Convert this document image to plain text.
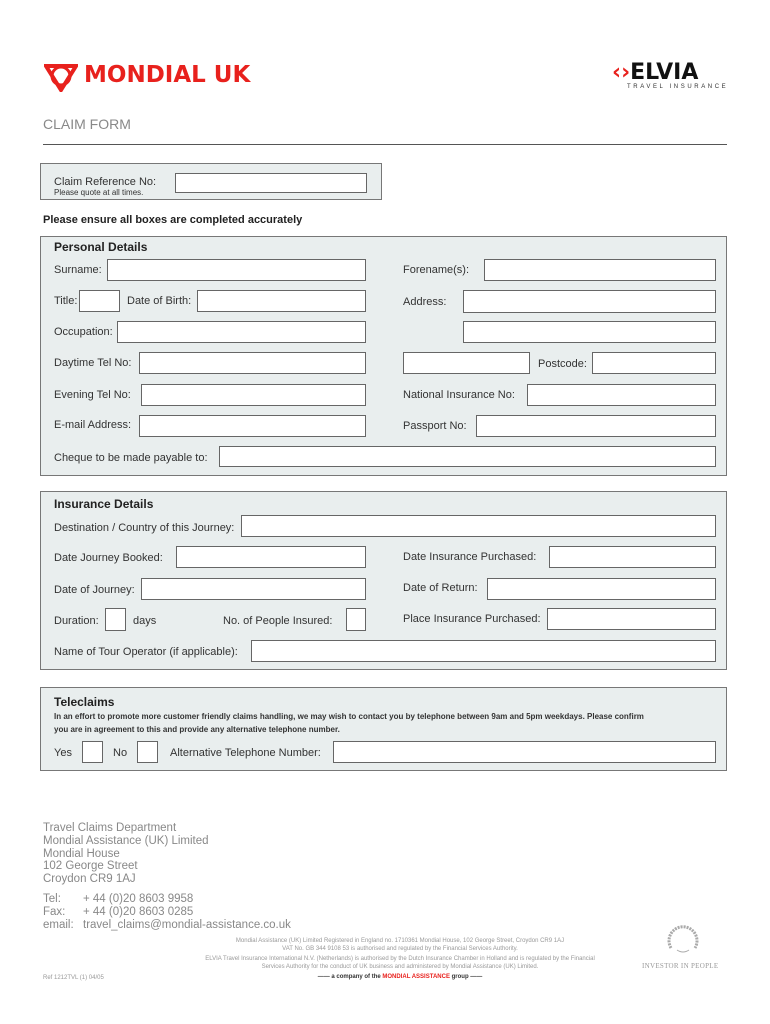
MONDIAL UK	‹›ELVIA
TRAVEL INSURANCE
CLAIM FORM
Claim Reference No:
Please quote at all times.
Please ensure all boxes are completed accurately
Personal Details
Surname:	Forename(s):
Title:	Date of Birth:	Address:
Occupation:
Daytime Tel No:	Postcode:
Evening Tel No:	National Insurance No:
E-mail Address:	Passport No:
Cheque to be made payable to:
Insurance Details
Destination / Country of this Journey:
Date Journey Booked:	Date Insurance Purchased:
Date of Journey:	Date of Return:
Duration:	days	No. of People Insured:	Place Insurance Purchased:
Name of Tour Operator (if applicable):
Teleclaims
In an effort to promote more customer friendly claims handling, we may wish to contact you by telephone between 9am and 5pm weekdays. Please confirm
you are in agreement to this and provide any alternative telephone number.
Yes	No	Alternative Telephone Number:
Travel Claims Department
Mondial Assistance (UK) Limited
Mondial House
102 George Street
Croydon CR9 1AJ
Tel: + 44 (0)20 8603 9958
Fax: + 44 (0)20 8603 0285
email: travel_claims@mondial-assistance.co.uk
Mondial Assistance (UK) Limited Registered in England no. 1710361 Mondial House, 102 George Street, Croydon CR9 1AJ
VAT No. GB 344 9108 53 is authorised and regulated by the Financial Services Authority.
ELVIA Travel Insurance International N.V. (Netherlands) is authorised by the Dutch Insurance Chamber in Holland and is regulated by the Financial
Services Authority for the conduct of UK business and administered by Mondial Assistance (UK) Limited.
—— a company of the MONDIAL ASSISTANCE group ——
Ref 1212TVL (1) 04/05
INVESTOR IN PEOPLE
